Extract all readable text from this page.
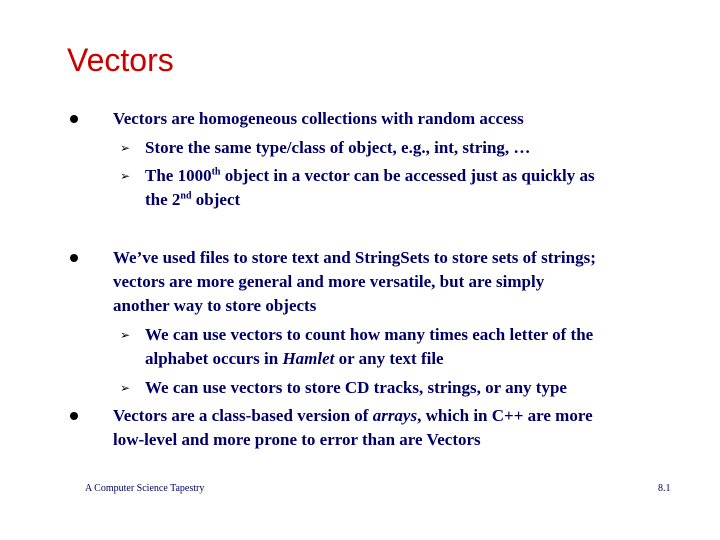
Vectors
Vectors are homogeneous collections with random access
➢ Store the same type/class of object, e.g., int, string, …
➢ The 1000th object in a vector can be accessed just as quickly as
the 2nd object
We’ve used files to store text and StringSets to store sets of strings;
vectors are more general and more versatile, but are simply
another way to store objects
➢ We can use vectors to count how many times each letter of the
alphabet occurs in Hamlet or any text file
➢ We can use vectors to store CD tracks, strings, or any type
Vectors are a class-based version of arrays, which in C++ are more
low-level and more prone to error than are Vectors
A Computer Science Tapestry	8.1
